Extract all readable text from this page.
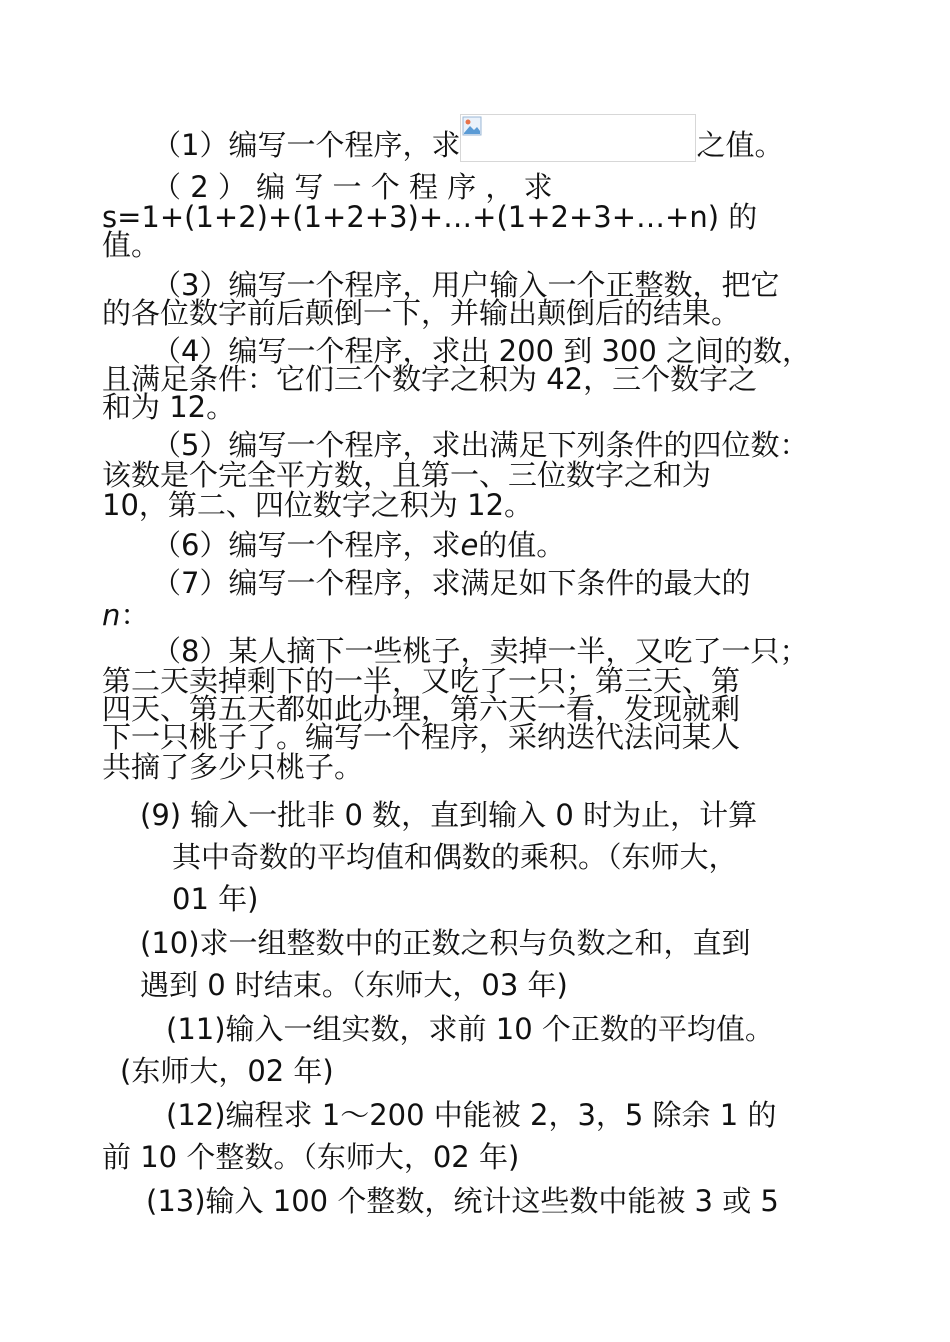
（1）编写一个程序，求	之值。
（ 2 ） 编 写 一 个 程 序 ， 求
s=1+(1+2)+(1+2+3)+…+(1+2+3+…+n) 的
值。
（3）编写一个程序，用户输入一个正整数，把它
的各位数字前后颠倒一下，并输出颠倒后的结果。
（4）编写一个程序，求出 200 到 300 之间的数，
且满足条件：它们三个数字之积为 42，三个数字之
和为 12。
（5）编写一个程序，求出满足下列条件的四位数：
该数是个完全平方数，且第一、三位数字之和为
10，第二、四位数字之积为 12。
（6）编写一个程序，求e的值。
（7）编写一个程序，求满足如下条件的最大的
n：
（8）某人摘下一些桃子，卖掉一半，又吃了一只；
第二天卖掉剩下的一半，又吃了一只；第三天、第
四天、第五天都如此办理，第六天一看，发现就剩
下一只桃子了。编写一个程序，采纳迭代法问某人
共摘了多少只桃子。
(9) 输入一批非 0 数，直到输入 0 时为止，计算
其中奇数的平均值和偶数的乘积。（东师大，
01 年)
(10)求一组整数中的正数之积与负数之和，直到
遇到 0 时结束。（东师大，03 年)
(11)输入一组实数，求前 10 个正数的平均值。
(东师大，02 年)
(12)编程求 1～200 中能被 2，3，5 除余 1 的
前 10 个整数。（东师大，02 年)
(13)输入 100 个整数，统计这些数中能被 3 或 5
